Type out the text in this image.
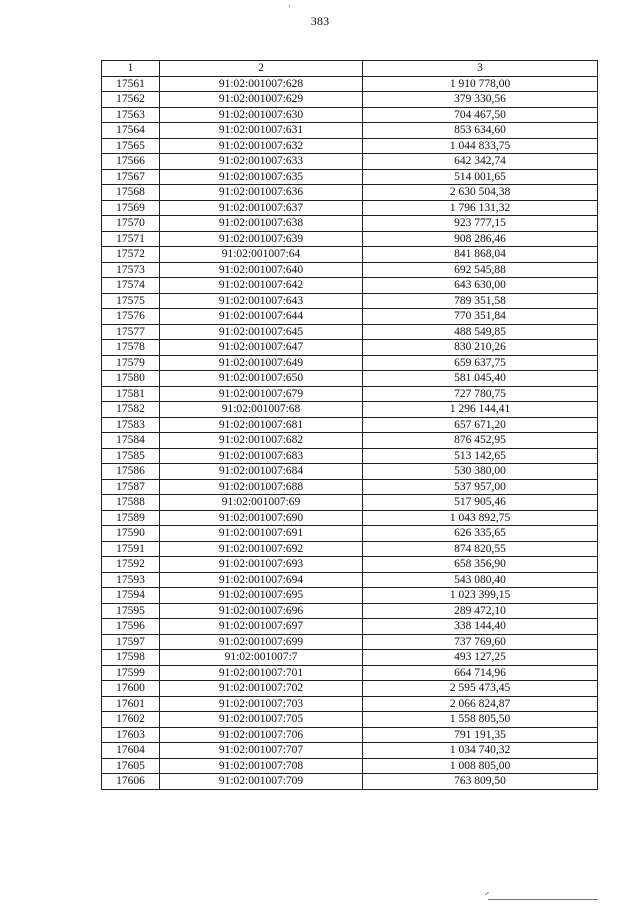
383
1	2	3
17561	91:02:001007:628	1 910 778,00
17562	91:02:001007:629	379 330,56
17563	91:02:001007:630	704 467,50
17564	91:02:001007:631	853 634,60
17565	91:02:001007:632	1 044 833,75
17566	91:02:001007:633	642 342,74
17567	91:02:001007:635	514 001,65
17568	91:02:001007:636	2 630 504,38
17569	91:02:001007:637	1 796 131,32
17570	91:02:001007:638	923 777,15
17571	91:02:001007:639	908 286,46
17572	91:02:001007:64	841 868,04
17573	91:02:001007:640	692 545,88
17574	91:02:001007:642	643 630,00
17575	91:02:001007:643	789 351,58
17576	91:02:001007:644	770 351,84
17577	91:02:001007:645	488 549,85
17578	91:02:001007:647	830 210,26
17579	91:02:001007:649	659 637,75
17580	91:02:001007:650	581 045,40
17581	91:02:001007:679	727 780,75
17582	91:02:001007:68	1 296 144,41
17583	91:02:001007:681	657 671,20
17584	91:02:001007:682	876 452,95
17585	91:02:001007:683	513 142,65
17586	91:02:001007:684	530 380,00
17587	91:02:001007:688	537 957,00
17588	91:02:001007:69	517 905,46
17589	91:02:001007:690	1 043 892,75
17590	91:02:001007:691	626 335,65
17591	91:02:001007:692	874 820,55
17592	91:02:001007:693	658 356,90
17593	91:02:001007:694	543 080,40
17594	91:02:001007:695	1 023 399,15
17595	91:02:001007:696	289 472,10
17596	91:02:001007:697	338 144,40
17597	91:02:001007:699	737 769,60
17598	91:02:001007:7	493 127,25
17599	91:02:001007:701	664 714,96
17600	91:02:001007:702	2 595 473,45
17601	91:02:001007:703	2 066 824,87
17602	91:02:001007:705	1 558 805,50
17603	91:02:001007:706	791 191,35
17604	91:02:001007:707	1 034 740,32
17605	91:02:001007:708	1 008 805,00
17606	91:02:001007:709	763 809,50
